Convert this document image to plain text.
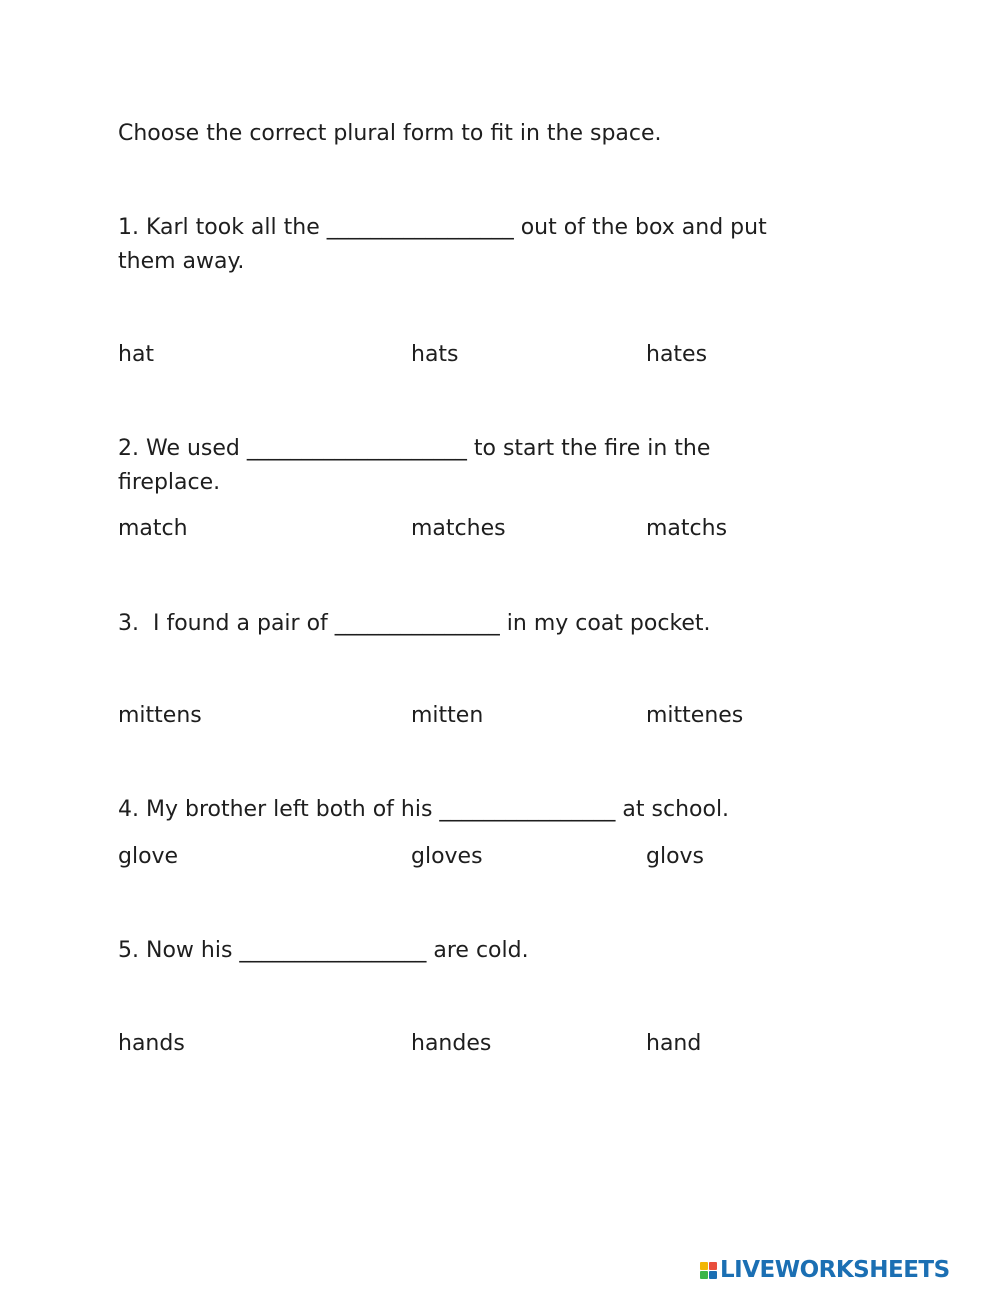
Choose the correct plural form to fit in the space.
1. Karl took all the _________________ out of the box and put
them away.
hat	hats	hates
2. We used ____________________ to start the fire in the
fireplace.
match	matches	matchs
3.  I found a pair of _______________ in my coat pocket.
mittens	mitten	mittenes
4. My brother left both of his ________________ at school.
glove	gloves	glovs
5. Now his _________________ are cold.
hands	handes	hand
LIVEWORKSHEETS
